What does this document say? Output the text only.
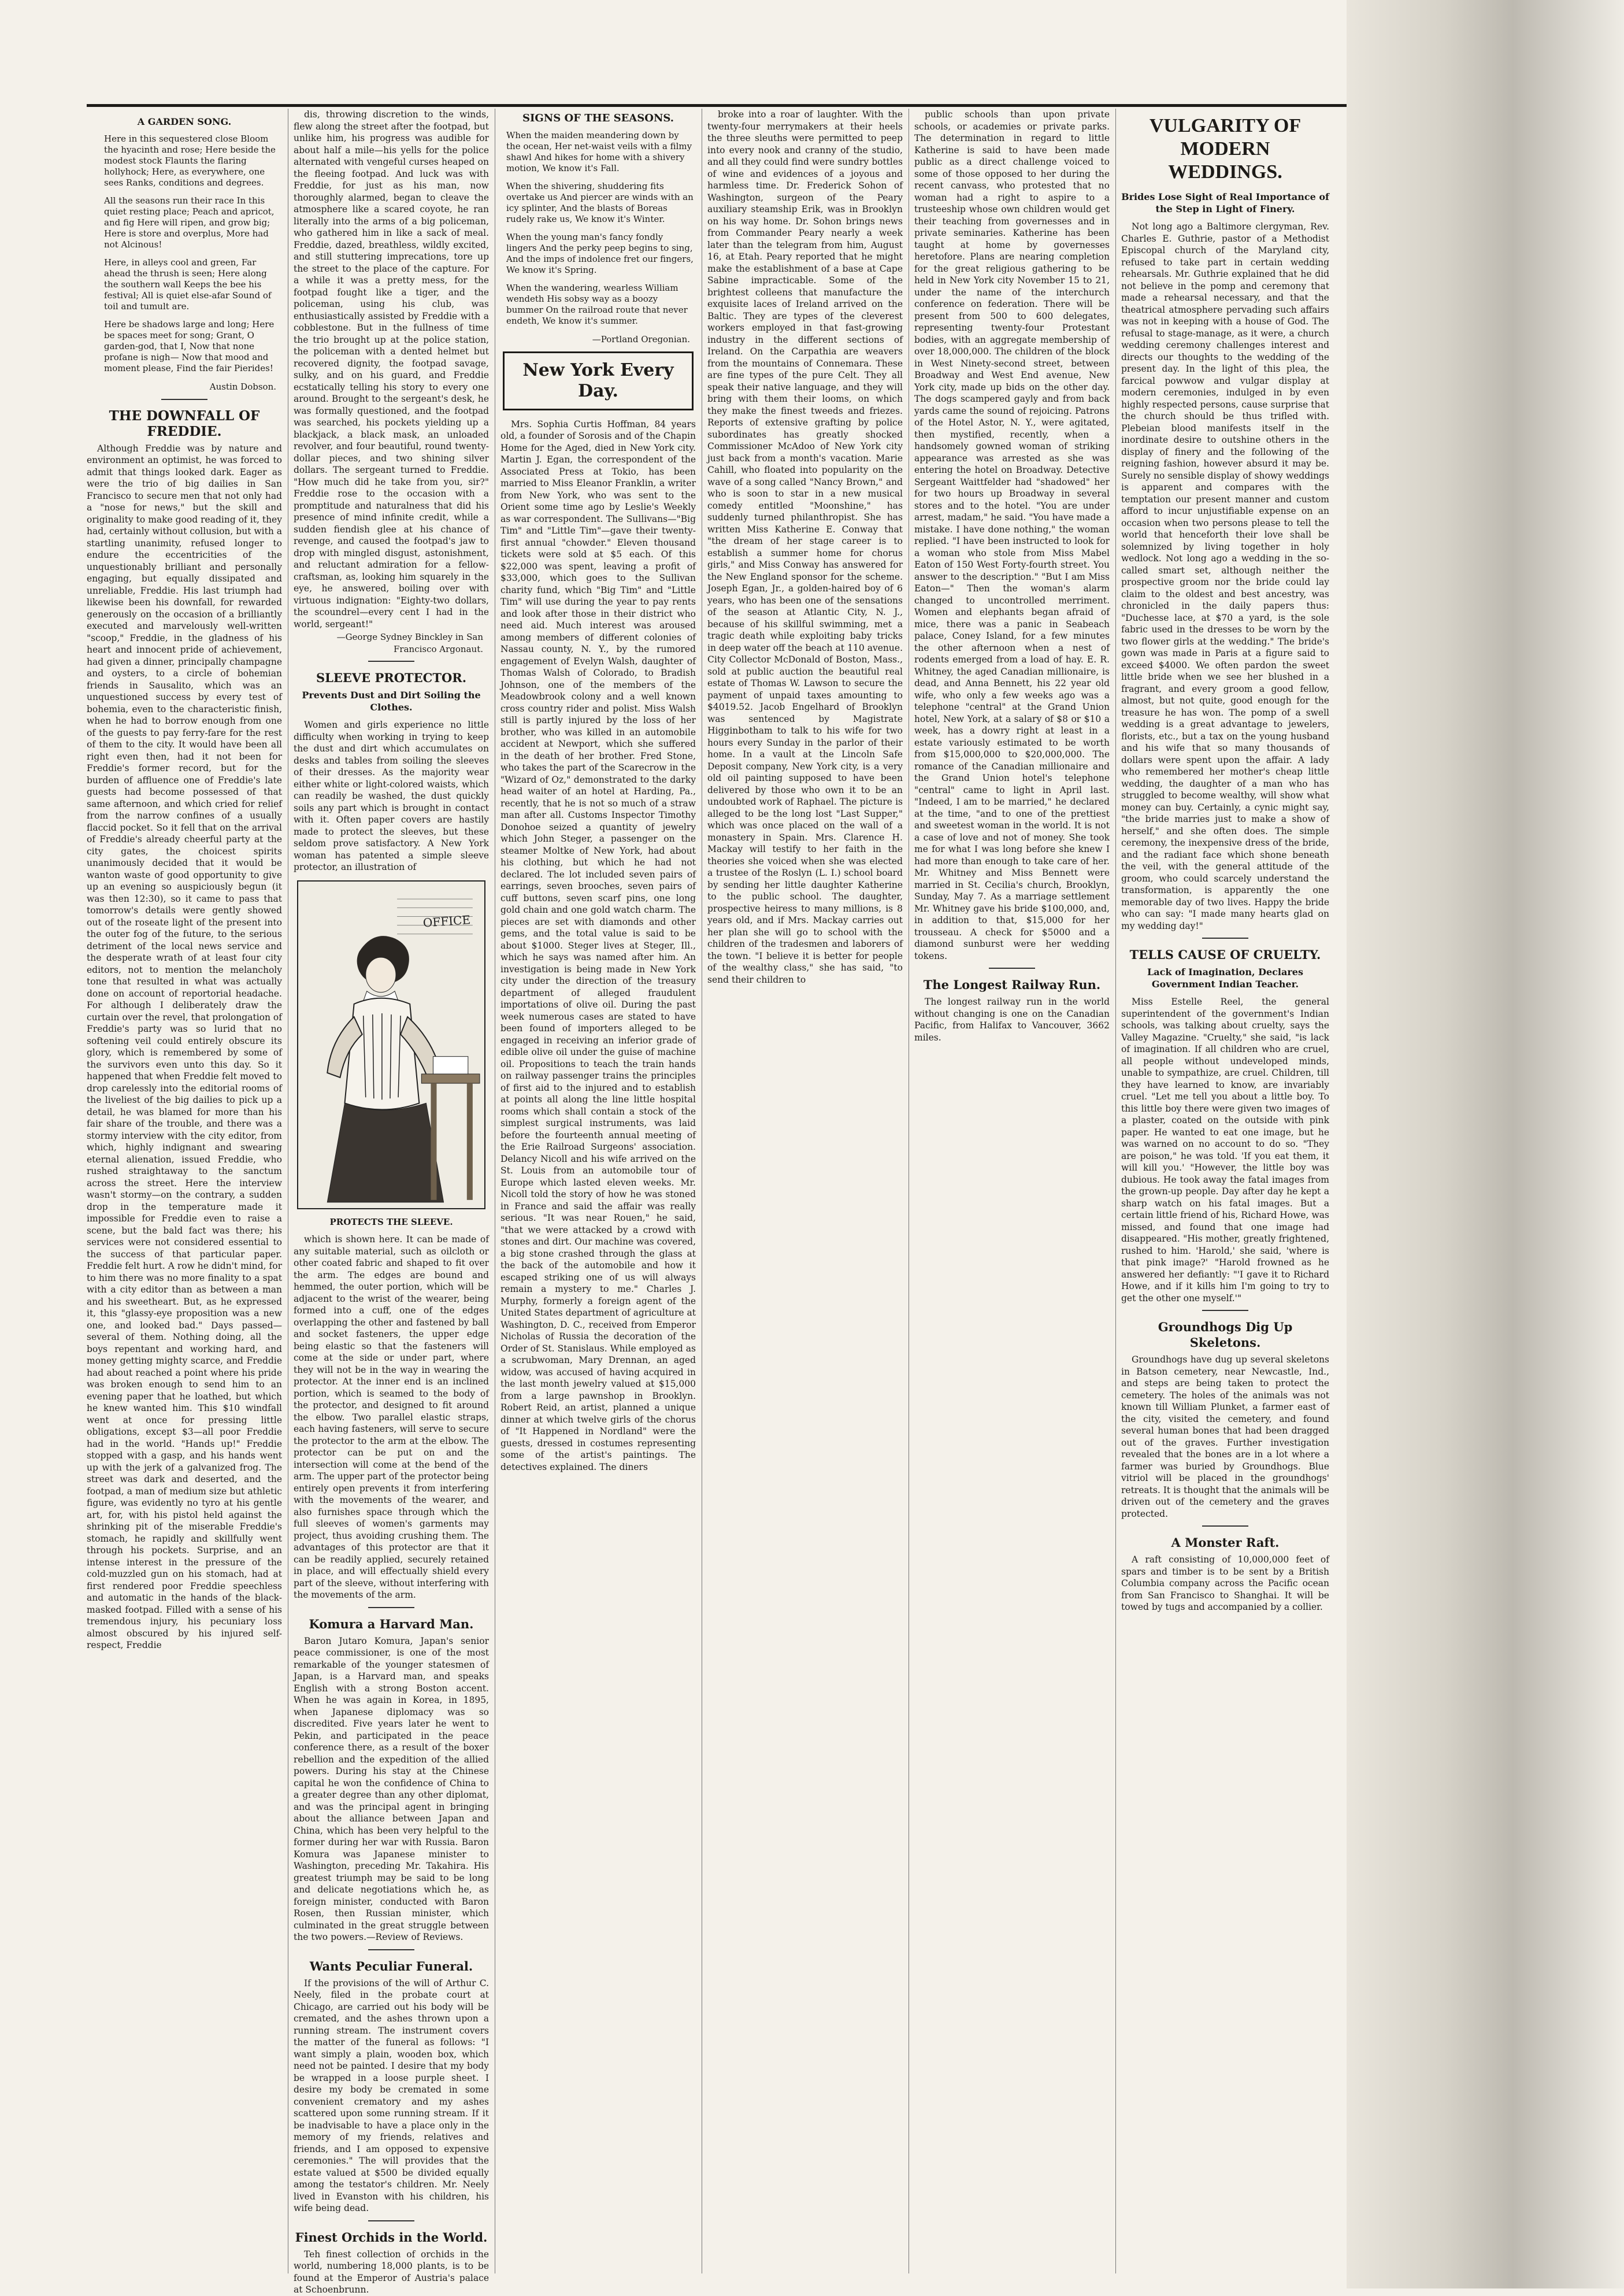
A GARDEN SONG.

Here in this sequestered close Bloom the hyacinth and rose; Here beside the modest stock Flaunts the flaring hollyhock; Here, as everywhere, one sees Ranks, conditions and degrees.

All the seasons run their race In this quiet resting place; Peach and apricot, and fig Here will ripen, and grow big; Here is store and overplus, More had not Alcinous!

Here, in alleys cool and green, Far ahead the thrush is seen; Here along the southern wall Keeps the bee his festival; All is quiet else-afar Sound of toil and tumult are.

Here be shadows large and long; Here be spaces meet for song; Grant, O garden-god, that I, Now that none profane is nigh— Now that mood and moment please, Find the fair Pierides!

Austin Dobson.
THE DOWNFALL OF FREDDIE.

Although Freddie was by nature and environment an optimist, he was forced to admit that things looked dark. Eager as were the trio of big dailies in San Francisco to secure men that not only had a "nose for news," but the skill and originality to make good reading of it, they had, certainly without collusion, but with a startling unanimity, refused longer to endure the eccentricities of the unquestionably brilliant and personally engaging, but equally dissipated and unreliable, Freddie. His last triumph had likewise been his downfall, for rewarded generously on the occasion of a brilliantly executed and marvelously well-written "scoop," Freddie, in the gladness of his heart and innocent pride of achievement, had given a dinner, principally champagne and oysters, to a circle of bohemian friends in Sausalito, which was an unquestioned success by every test of bohemia, even to the characteristic finish, when he had to borrow enough from one of the guests to pay ferry-fare for the rest of them to the city. It would have been all right even then, had it not been for Freddie's former record, but for the burden of affluence one of Freddie's late guests had become possessed of that same afternoon, and which cried for relief from the narrow confines of a usually flaccid pocket. So it fell that on the arrival of Freddie's already cheerful party at the city gates, the choicest spirits unanimously decided that it would be wanton waste of good opportunity to give up an evening so auspiciously begun (it was then 12:30), so it came to pass that tomorrow's details were gently showed out of the roseate light of the present into the outer fog of the future, to the serious detriment of the local news service and the desperate wrath of at least four city editors, not to mention the melancholy tone that resulted in what was actually done on account of reportorial headache. For although I deliberately draw the curtain over the revel, that prolongation of Freddie's party was so lurid that no softening veil could entirely obscure its glory, which is remembered by some of the survivors even unto this day. So it happened that when Freddie felt moved to drop carelessly into the editorial rooms of the liveliest of the big dailies to pick up a detail, he was blamed for more than his fair share of the trouble, and there was a stormy interview with the city editor, from which, highly indignant and swearing eternal alienation, issued Freddie, who rushed straightaway to the sanctum across the street. Here the interview wasn't stormy—on the contrary, a sudden drop in the temperature made it impossible for Freddie even to raise a scene, but the bald fact was there; his services were not considered essential to the success of that particular paper. Freddie felt hurt. A row he didn't mind, for to him there was no more finality to a spat with a city editor than as between a man and his sweetheart. But, as he expressed it, this "glassy-eye proposition was a new one, and looked bad." Days passed—several of them. Nothing doing, all the boys repentant and working hard, and money getting mighty scarce, and Freddie had about reached a point where his pride was broken enough to send him to an evening paper that he loathed, but which he knew wanted him. This $10 windfall went at once for pressing little obligations, except $3—all poor Freddie had in the world. "Hands up!" Freddie stopped with a gasp, and his hands went up with the jerk of a galvanized frog. The street was dark and deserted, and the footpad, a man of medium size but athletic figure, was evidently no tyro at his gentle art, for, with his pistol held against the shrinking pit of the miserable Freddie's stomach, he rapidly and skillfully went through his pockets. Surprise, and an intense interest in the pressure of the cold-muzzled gun on his stomach, had at first rendered poor Freddie speechless and automatic in the hands of the black-masked footpad. Filled with a sense of his tremendous injury, his pecuniary loss almost obscured by his injured self-respect, Freddie

dis, throwing discretion to the winds, flew along the street after the footpad, but unlike him, his progress was audible for about half a mile—his yells for the police alternated with vengeful curses heaped on the fleeing footpad. And luck was with Freddie, for just as his man, now thoroughly alarmed, began to cleave the atmosphere like a scared coyote, he ran literally into the arms of a big policeman, who gathered him in like a sack of meal. Freddie, dazed, breathless, wildly excited, and still stuttering imprecations, tore up the street to the place of the capture. For a while it was a pretty mess, for the footpad fought like a tiger, and the policeman, using his club, was enthusiastically assisted by Freddie with a cobblestone. But in the fullness of time the trio brought up at the police station, the policeman with a dented helmet but recovered dignity, the footpad savage, sulky, and on his guard, and Freddie ecstatically telling his story to every one around. Brought to the sergeant's desk, he was formally questioned, and the footpad was searched, his pockets yielding up a blackjack, a black mask, an unloaded revolver, and four beautiful, round twenty-dollar pieces, and two shining silver dollars. The sergeant turned to Freddie. "How much did he take from you, sir?" Freddie rose to the occasion with a promptitude and naturalness that did his presence of mind infinite credit, while a sudden fiendish glee at his chance of revenge, and caused the footpad's jaw to drop with mingled disgust, astonishment, and reluctant admiration for a fellow-craftsman, as, looking him squarely in the eye, he answered, boiling over with virtuous indignation: "Eighty-two dollars, the scoundrel—every cent I had in the world, sergeant!"

—George Sydney Binckley in San Francisco Argonaut.
SLEEVE PROTECTOR.
Prevents Dust and Dirt Soiling the Clothes.

Women and girls experience no little difficulty when working in trying to keep the dust and dirt which accumulates on desks and tables from soiling the sleeves of their dresses. As the majority wear either white or light-colored waists, which can readily be washed, the dust quickly soils any part which is brought in contact with it. Often paper covers are hastily made to protect the sleeves, but these seldom prove satisfactory. A New York woman has patented a simple sleeve protector, an illustration of

OFFICE
PROTECTS THE SLEEVE.

which is shown here. It can be made of any suitable material, such as oilcloth or other coated fabric and shaped to fit over the arm. The edges are bound and hemmed, the outer portion, which will be adjacent to the wrist of the wearer, being formed into a cuff, one of the edges overlapping the other and fastened by ball and socket fasteners, the upper edge being elastic so that the fasteners will come at the side or under part, where they will not be in the way in wearing the protector. At the inner end is an inclined portion, which is seamed to the body of the protector, and designed to fit around the elbow. Two parallel elastic straps, each having fasteners, will serve to secure the protector to the arm at the elbow. The protector can be put on and the intersection will come at the bend of the arm. The upper part of the protector being entirely open prevents it from interfering with the movements of the wearer, and also furnishes space through which the full sleeves of women's garments may project, thus avoiding crushing them. The advantages of this protector are that it can be readily applied, securely retained in place, and will effectually shield every part of the sleeve, without interfering with the movements of the arm.

Komura a Harvard Man.

Baron Jutaro Komura, Japan's senior peace commissioner, is one of the most remarkable of the younger statesmen of Japan, is a Harvard man, and speaks English with a strong Boston accent. When he was again in Korea, in 1895, when Japanese diplomacy was so discredited. Five years later he went to Pekin, and participated in the peace conference there, as a result of the boxer rebellion and the expedition of the allied powers. During his stay at the Chinese capital he won the confidence of China to a greater degree than any other diplomat, and was the principal agent in bringing about the alliance between Japan and China, which has been very helpful to the former during her war with Russia. Baron Komura was Japanese minister to Washington, preceding Mr. Takahira. His greatest triumph may be said to be long and delicate negotiations which he, as foreign minister, conducted with Baron Rosen, then Russian minister, which culminated in the great struggle between the two powers.—Review of Reviews.

Wants Peculiar Funeral.

If the provisions of the will of Arthur C. Neely, filed in the probate court at Chicago, are carried out his body will be cremated, and the ashes thrown upon a running stream. The instrument covers the matter of the funeral as follows: "I want simply a plain, wooden box, which need not be painted. I desire that my body be wrapped in a loose purple sheet. I desire my body be cremated in some convenient crematory and my ashes scattered upon some running stream. If it be inadvisable to have a place only in the memory of my friends, relatives and friends, and I am opposed to expensive ceremonies." The will provides that the estate valued at $500 be divided equally among the testator's children. Mr. Neely lived in Evanston with his children, his wife being dead.

Finest Orchids in the World.

Teh finest collection of orchids in the world, numbering 18,000 plants, is to be found at the Emperor of Austria's palace at Schoenbrunn.

SIGNS OF THE SEASONS.

When the maiden meandering down by the ocean, Her net-waist veils with a filmy shawl And hikes for home with a shivery motion, We know it's Fall.

When the shivering, shuddering fits overtake us And piercer are winds with an icy splinter, And the blasts of Boreas rudely rake us, We know it's Winter.

When the young man's fancy fondly lingers And the perky peep begins to sing, And the imps of indolence fret our fingers, We know it's Spring.

When the wandering, wearless William wendeth His sobsy way as a boozy bummer On the railroad route that never endeth, We know it's summer.

—Portland Oregonian.
New York Every Day.

Mrs. Sophia Curtis Hoffman, 84 years old, a founder of Sorosis and of the Chapin Home for the Aged, died in New York city. Martin J. Egan, the correspondent of the Associated Press at Tokio, has been married to Miss Eleanor Franklin, a writer from New York, who was sent to the Orient some time ago by Leslie's Weekly as war correspondent. The Sullivans—"Big Tim" and "Little Tim"—gave their twenty-first annual "chowder." Eleven thousand tickets were sold at $5 each. Of this $22,000 was spent, leaving a profit of $33,000, which goes to the Sullivan charity fund, which "Big Tim" and "Little Tim" will use during the year to pay rents and look after those in their district who need aid. Much interest was aroused among members of different colonies of Nassau county, N. Y., by the rumored engagement of Evelyn Walsh, daughter of Thomas Walsh of Colorado, to Bradish Johnson, one of the members of the Meadowbrook colony and a well known cross country rider and polist. Miss Walsh still is partly injured by the loss of her brother, who was killed in an automobile accident at Newport, which she suffered in the death of her brother. Fred Stone, who takes the part of the Scarecrow in the "Wizard of Oz," demonstrated to the darky head waiter of an hotel at Harding, Pa., recently, that he is not so much of a straw man after all. Customs Inspector Timothy Donohoe seized a quantity of jewelry which John Steger, a passenger on the steamer Moltke of New York, had about his clothing, but which he had not declared. The lot included seven pairs of earrings, seven brooches, seven pairs of cuff buttons, seven scarf pins, one long gold chain and one gold watch charm. The pieces are set with diamonds and other gems, and the total value is said to be about $1000. Steger lives at Steger, Ill., which he says was named after him. An investigation is being made in New York city under the direction of the treasury department of alleged fraudulent importations of olive oil. During the past week numerous cases are stated to have been found of importers alleged to be engaged in receiving an inferior grade of edible olive oil under the guise of machine oil. Propositions to teach the train hands on railway passenger trains the principles of first aid to the injured and to establish at points all along the line little hospital rooms which shall contain a stock of the simplest surgical instruments, was laid before the fourteenth annual meeting of the Erie Railroad Surgeons' association. Delancy Nicoll and his wife arrived on the St. Louis from an automobile tour of Europe which lasted eleven weeks. Mr. Nicoll told the story of how he was stoned in France and said the affair was really serious. "It was near Rouen," he said, "that we were attacked by a crowd with stones and dirt. Our machine was covered, a big stone crashed through the glass at the back of the automobile and how it escaped striking one of us will always remain a mystery to me." Charles J. Murphy, formerly a foreign agent of the United States department of agriculture at Washington, D. C., received from Emperor Nicholas of Russia the decoration of the Order of St. Stanislaus. While employed as a scrubwoman, Mary Drennan, an aged widow, was accused of having acquired in the last month jewelry valued at $15,000 from a large pawnshop in Brooklyn. Robert Reid, an artist, planned a unique dinner at which twelve girls of the chorus of "It Happened in Nordland" were the guests, dressed in costumes representing some of the artist's paintings. The detectives explained. The diners

broke into a roar of laughter. With the twenty-four merrymakers at their heels the three sleuths were permitted to peep into every nook and cranny of the studio, and all they could find were sundry bottles of wine and evidences of a joyous and harmless time. Dr. Frederick Sohon of Washington, surgeon of the Peary auxiliary steamship Erik, was in Brooklyn on his way home. Dr. Sohon brings news from Commander Peary nearly a week later than the telegram from him, August 16, at Etah. Peary reported that he might make the establishment of a base at Cape Sabine impracticable. Some of the brightest colleens that manufacture the exquisite laces of Ireland arrived on the Baltic. They are types of the cleverest workers employed in that fast-growing industry in the different sections of Ireland. On the Carpathia are weavers from the mountains of Connemara. These are fine types of the pure Celt. They all speak their native language, and they will bring with them their looms, on which they make the finest tweeds and friezes. Reports of extensive grafting by police subordinates has greatly shocked Commissioner McAdoo of New York city just back from a month's vacation. Marie Cahill, who floated into popularity on the wave of a song called "Nancy Brown," and who is soon to star in a new musical comedy entitled "Moonshine," has suddenly turned philanthropist. She has written Miss Katherine E. Conway that "the dream of her stage career is to establish a summer home for chorus girls," and Miss Conway has answered for the New England sponsor for the scheme. Joseph Egan, Jr., a golden-haired boy of 6 years, who has been one of the sensations of the season at Atlantic City, N. J., because of his skillful swimming, met a tragic death while exploiting baby tricks in deep water off the beach at 110 avenue. City Collector McDonald of Boston, Mass., sold at public auction the beautiful real estate of Thomas W. Lawson to secure the payment of unpaid taxes amounting to $4019.52. Jacob Engelhard of Brooklyn was sentenced by Magistrate Higginbotham to talk to his wife for two hours every Sunday in the parlor of their home. In a vault at the Lincoln Safe Deposit company, New York city, is a very old oil painting supposed to have been delivered by those who own it to be an undoubted work of Raphael. The picture is alleged to be the long lost "Last Supper," which was once placed on the wall of a monastery in Spain. Mrs. Clarence H. Mackay will testify to her faith in the theories she voiced when she was elected a trustee of the Roslyn (L. I.) school board by sending her little daughter Katherine to the public school. The daughter, prospective heiress to many millions, is 8 years old, and if Mrs. Mackay carries out her plan she will go to school with the children of the tradesmen and laborers of the town. "I believe it is better for people of the wealthy class," she has said, "to send their children to

public schools than upon private schools, or academies or private parks. The determination in regard to little Katherine is said to have been made public as a direct challenge voiced to some of those opposed to her during the recent canvass, who protested that no woman had a right to aspire to a trusteeship whose own children would get their teaching from governesses and in private seminaries. Katherine has been taught at home by governesses heretofore. Plans are nearing completion for the great religious gathering to be held in New York city November 15 to 21, under the name of the interchurch conference on federation. There will be present from 500 to 600 delegates, representing twenty-four Protestant bodies, with an aggregate membership of over 18,000,000. The children of the block in West Ninety-second street, between Broadway and West End avenue, New York city, made up bids on the other day. The dogs scampered gayly and from back yards came the sound of rejoicing. Patrons of the Hotel Astor, N. Y., were agitated, then mystified, recently, when a handsomely gowned woman of striking appearance was arrested as she was entering the hotel on Broadway. Detective Sergeant Waittfelder had "shadowed" her for two hours up Broadway in several stores and to the hotel. "You are under arrest, madam," he said. "You have made a mistake. I have done nothing," the woman replied. "I have been instructed to look for a woman who stole from Miss Mabel Eaton of 150 West Forty-fourth street. You answer to the description." "But I am Miss Eaton—" Then the woman's alarm changed to uncontrolled merriment. Women and elephants began afraid of mice, there was a panic in Seabeach palace, Coney Island, for a few minutes the other afternoon when a nest of rodents emerged from a load of hay. E. R. Whitney, the aged Canadian millionaire, is dead, and Anna Bennett, his 22 year old wife, who only a few weeks ago was a telephone "central" at the Grand Union hotel, New York, at a salary of $8 or $10 a week, has a dowry right at least in a estate variously estimated to be worth from $15,000,000 to $20,000,000. The romance of the Canadian millionaire and the Grand Union hotel's telephone "central" came to light in April last. "Indeed, I am to be married," he declared at the time, "and to one of the prettiest and sweetest woman in the world. It is not a case of love and not of money. She took me for what I was long before she knew I had more than enough to take care of her. Mr. Whitney and Miss Bennett were married in St. Cecilia's church, Brooklyn, Sunday, May 7. As a marriage settlement Mr. Whitney gave his bride $100,000, and, in addition to that, $15,000 for her trousseau. A check for $5000 and a diamond sunburst were her wedding tokens.

The Longest Railway Run.

The longest railway run in the world without changing is one on the Canadian Pacific, from Halifax to Vancouver, 3662 miles.

VULGARITY OF MODERN WEDDINGS.
Brides Lose Sight of Real Importance of the Step in Light of Finery.

Not long ago a Baltimore clergyman, Rev. Charles E. Guthrie, pastor of a Methodist Episcopal church of the Maryland city, refused to take part in certain wedding rehearsals. Mr. Guthrie explained that he did not believe in the pomp and ceremony that made a rehearsal necessary, and that the theatrical atmosphere pervading such affairs was not in keeping with a house of God. The refusal to stage-manage, as it were, a church wedding ceremony challenges interest and directs our thoughts to the wedding of the present day. In the light of this plea, the farcical powwow and vulgar display at modern ceremonies, indulged in by even highly respected persons, cause surprise that the church should be thus trifled with. Plebeian blood manifests itself in the inordinate desire to outshine others in the display of finery and the following of the reigning fashion, however absurd it may be. Surely no sensible display of showy weddings is apparent and compares with the temptation our present manner and custom afford to incur unjustifiable expense on an occasion when two persons please to tell the world that henceforth their love shall be solemnized by living together in holy wedlock. Not long ago a wedding in the so-called smart set, although neither the prospective groom nor the bride could lay claim to the oldest and best ancestry, was chronicled in the daily papers thus: "Duchesse lace, at $70 a yard, is the sole fabric used in the dresses to be worn by the two flower girls at the wedding." The bride's gown was made in Paris at a figure said to exceed $4000. We often pardon the sweet little bride when we see her blushed in a fragrant, and every groom a good fellow, almost, but not quite, good enough for the treasure he has won. The pomp of a swell wedding is a great advantage to jewelers, florists, etc., but a tax on the young husband and his wife that so many thousands of dollars were spent upon the affair. A lady who remembered her mother's cheap little wedding, the daughter of a man who has struggled to become wealthy, will show what money can buy. Certainly, a cynic might say, "the bride marries just to make a show of herself," and she often does. The simple ceremony, the inexpensive dress of the bride, and the radiant face which shone beneath the veil, with the general attitude of the groom, who could scarcely understand the transformation, is apparently the one memorable day of two lives. Happy the bride who can say: "I made many hearts glad on my wedding day!"

TELLS CAUSE OF CRUELTY.
Lack of Imagination, Declares Government Indian Teacher.

Miss Estelle Reel, the general superintendent of the government's Indian schools, was talking about cruelty, says the Valley Magazine. "Cruelty," she said, "is lack of imagination. If all children who are cruel, all people without undeveloped minds, unable to sympathize, are cruel. Children, till they have learned to know, are invariably cruel. "Let me tell you about a little boy. To this little boy there were given two images of a plaster, coated on the outside with pink paper. He wanted to eat one image, but he was warned on no account to do so. "They are poison," he was told. 'If you eat them, it will kill you.' "However, the little boy was dubious. He took away the fatal images from the grown-up people. Day after day he kept a sharp watch on his fatal images. But a certain little friend of his, Richard Howe, was missed, and found that one image had disappeared. "His mother, greatly frightened, rushed to him. 'Harold,' she said, 'where is that pink image?' "Harold frowned as he answered her defiantly: "'I gave it to Richard Howe, and if it kills him I'm going to try to get the other one myself.'"

Groundhogs Dig Up Skeletons.

Groundhogs have dug up several skeletons in Batson cemetery, near Newcastle, Ind., and steps are being taken to protect the cemetery. The holes of the animals was not known till William Plunket, a farmer east of the city, visited the cemetery, and found several human bones that had been dragged out of the graves. Further investigation revealed that the bones are in a lot where a farmer was buried by Groundhogs. Blue vitriol will be placed in the groundhogs' retreats. It is thought that the animals will be driven out of the cemetery and the graves protected.

A Monster Raft.

A raft consisting of 10,000,000 feet of spars and timber is to be sent by a British Columbia company across the Pacific ocean from San Francisco to Shanghai. It will be towed by tugs and accompanied by a collier.
